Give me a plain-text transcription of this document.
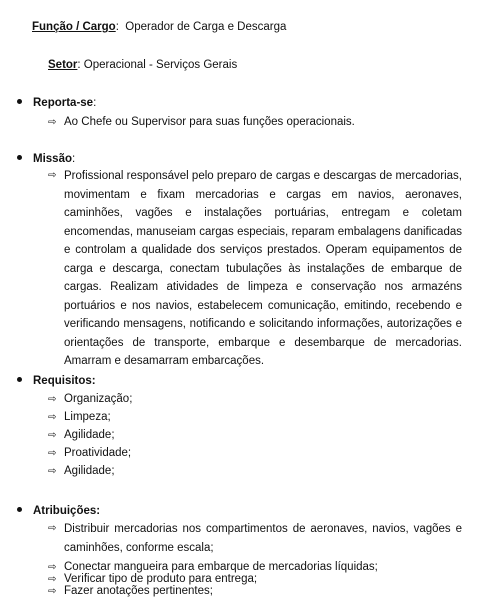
Função / Cargo:  Operador de Carga e Descarga
Setor: Operacional - Serviços Gerais
Reporta-se:
⇨ Ao Chefe ou Supervisor para suas funções operacionais.
Missão:
⇨ Profissional responsável pelo preparo de cargas e descargas de mercadorias, movimentam e fixam mercadorias e cargas em navios, aeronaves, caminhões, vagões e instalações portuárias, entregam e coletam encomendas, manuseiam cargas especiais, reparam embalagens danificadas e controlam a qualidade dos serviços prestados. Operam equipamentos de carga e descarga, conectam tubulações às instalações de embarque de cargas. Realizam atividades de limpeza e conservação nos armazéns portuários e nos navios, estabelecem comunicação, emitindo, recebendo e verificando mensagens, notificando e solicitando informações, autorizações e orientações de transporte, embarque e desembarque de mercadorias. Amarram e desamarram embarcações.
Requisitos:
⇨ Organização;
⇨ Limpeza;
⇨ Agilidade;
⇨ Proatividade;
⇨ Agilidade;
Atribuições:
⇨ Distribuir mercadorias nos compartimentos de aeronaves, navios, vagões e caminhões, conforme escala;
⇨ Conectar mangueira para embarque de mercadorias líquidas;
⇨ Verificar tipo de produto para entrega;
⇨ Fazer anotações pertinentes;
